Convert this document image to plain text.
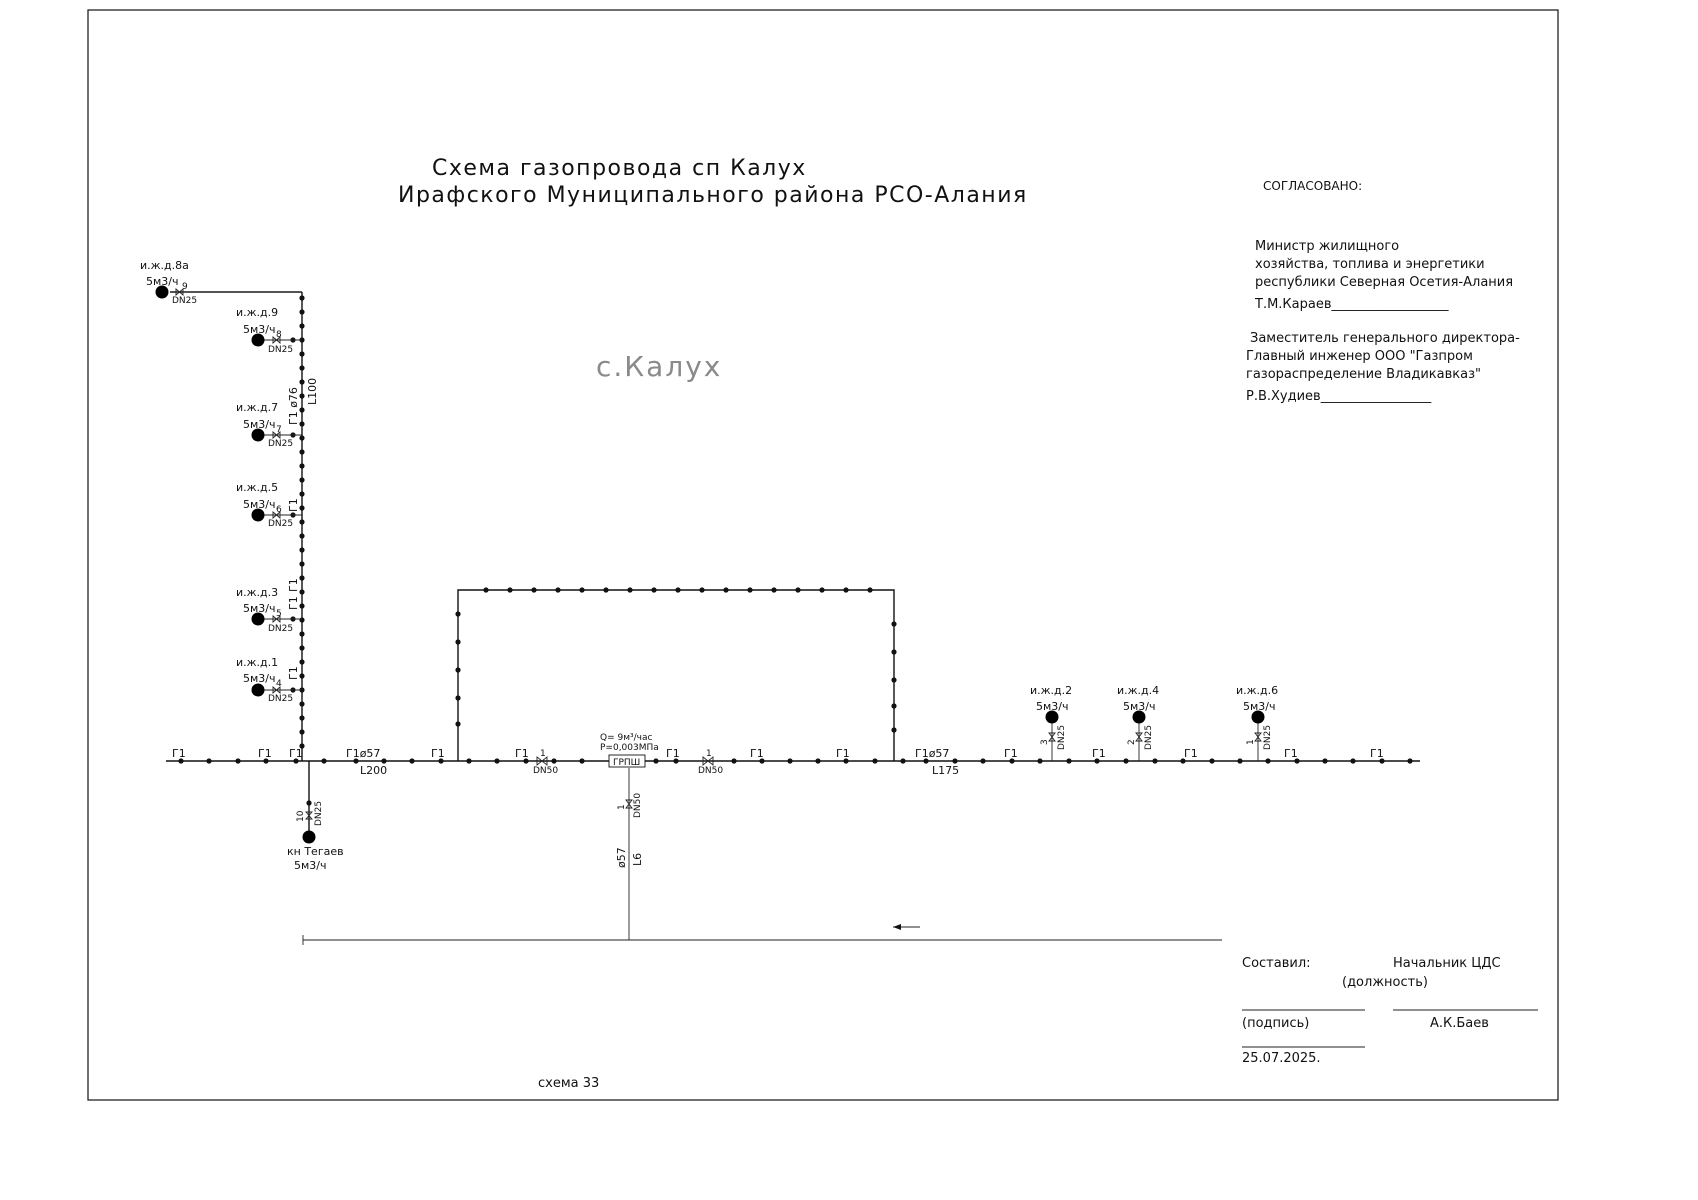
Схема газопровода сп Калух
Ирафского Муниципального района РСО-Алания
с.Калух
СОГЛАСОВАНО:
Министр жилищного
хозяйства, топлива и энергетики
республики Северная Осетия-Алания
Т.М.Караев__________________
Заместитель генерального директора-
Главный инженер ООО "Газпром
газораспределение Владикавказ"
Р.В.Худиев_________________
и.ж.д.8а
5м3/ч 9
DN25
и.ж.д.9
5м3/ч 8
DN25
и.ж.д.7
5м3/ч 7
DN25
и.ж.д.5
5м3/ч 6
DN25
и.ж.д.3
5м3/ч 5
DN25
и.ж.д.1
5м3/ч 4
DN25
Г1 ø76 L100
Г1
Г1
Г1
Г1
10 DN25
кн Тегаев
5м3/ч
Г1	Г1 Г1	Г1ø57
L200
Г1	Г1	Г1	Г1	Г1	Г1ø57
L175
Г1	Г1	Г1	Г1	Г1
1
DN50
1
DN50
ГРПШ
Q= 9м³/час
P=0,003МПа
1 DN50
ø57 L6
3 DN25
и.ж.д.2
5м3/ч
2 DN25
и.ж.д.4
5м3/ч
1 DN25
и.ж.д.6
5м3/ч
Составил:	Начальник ЦДС
(должность)
(подпись)	А.К.Баев
25.07.2025.
схема 33
